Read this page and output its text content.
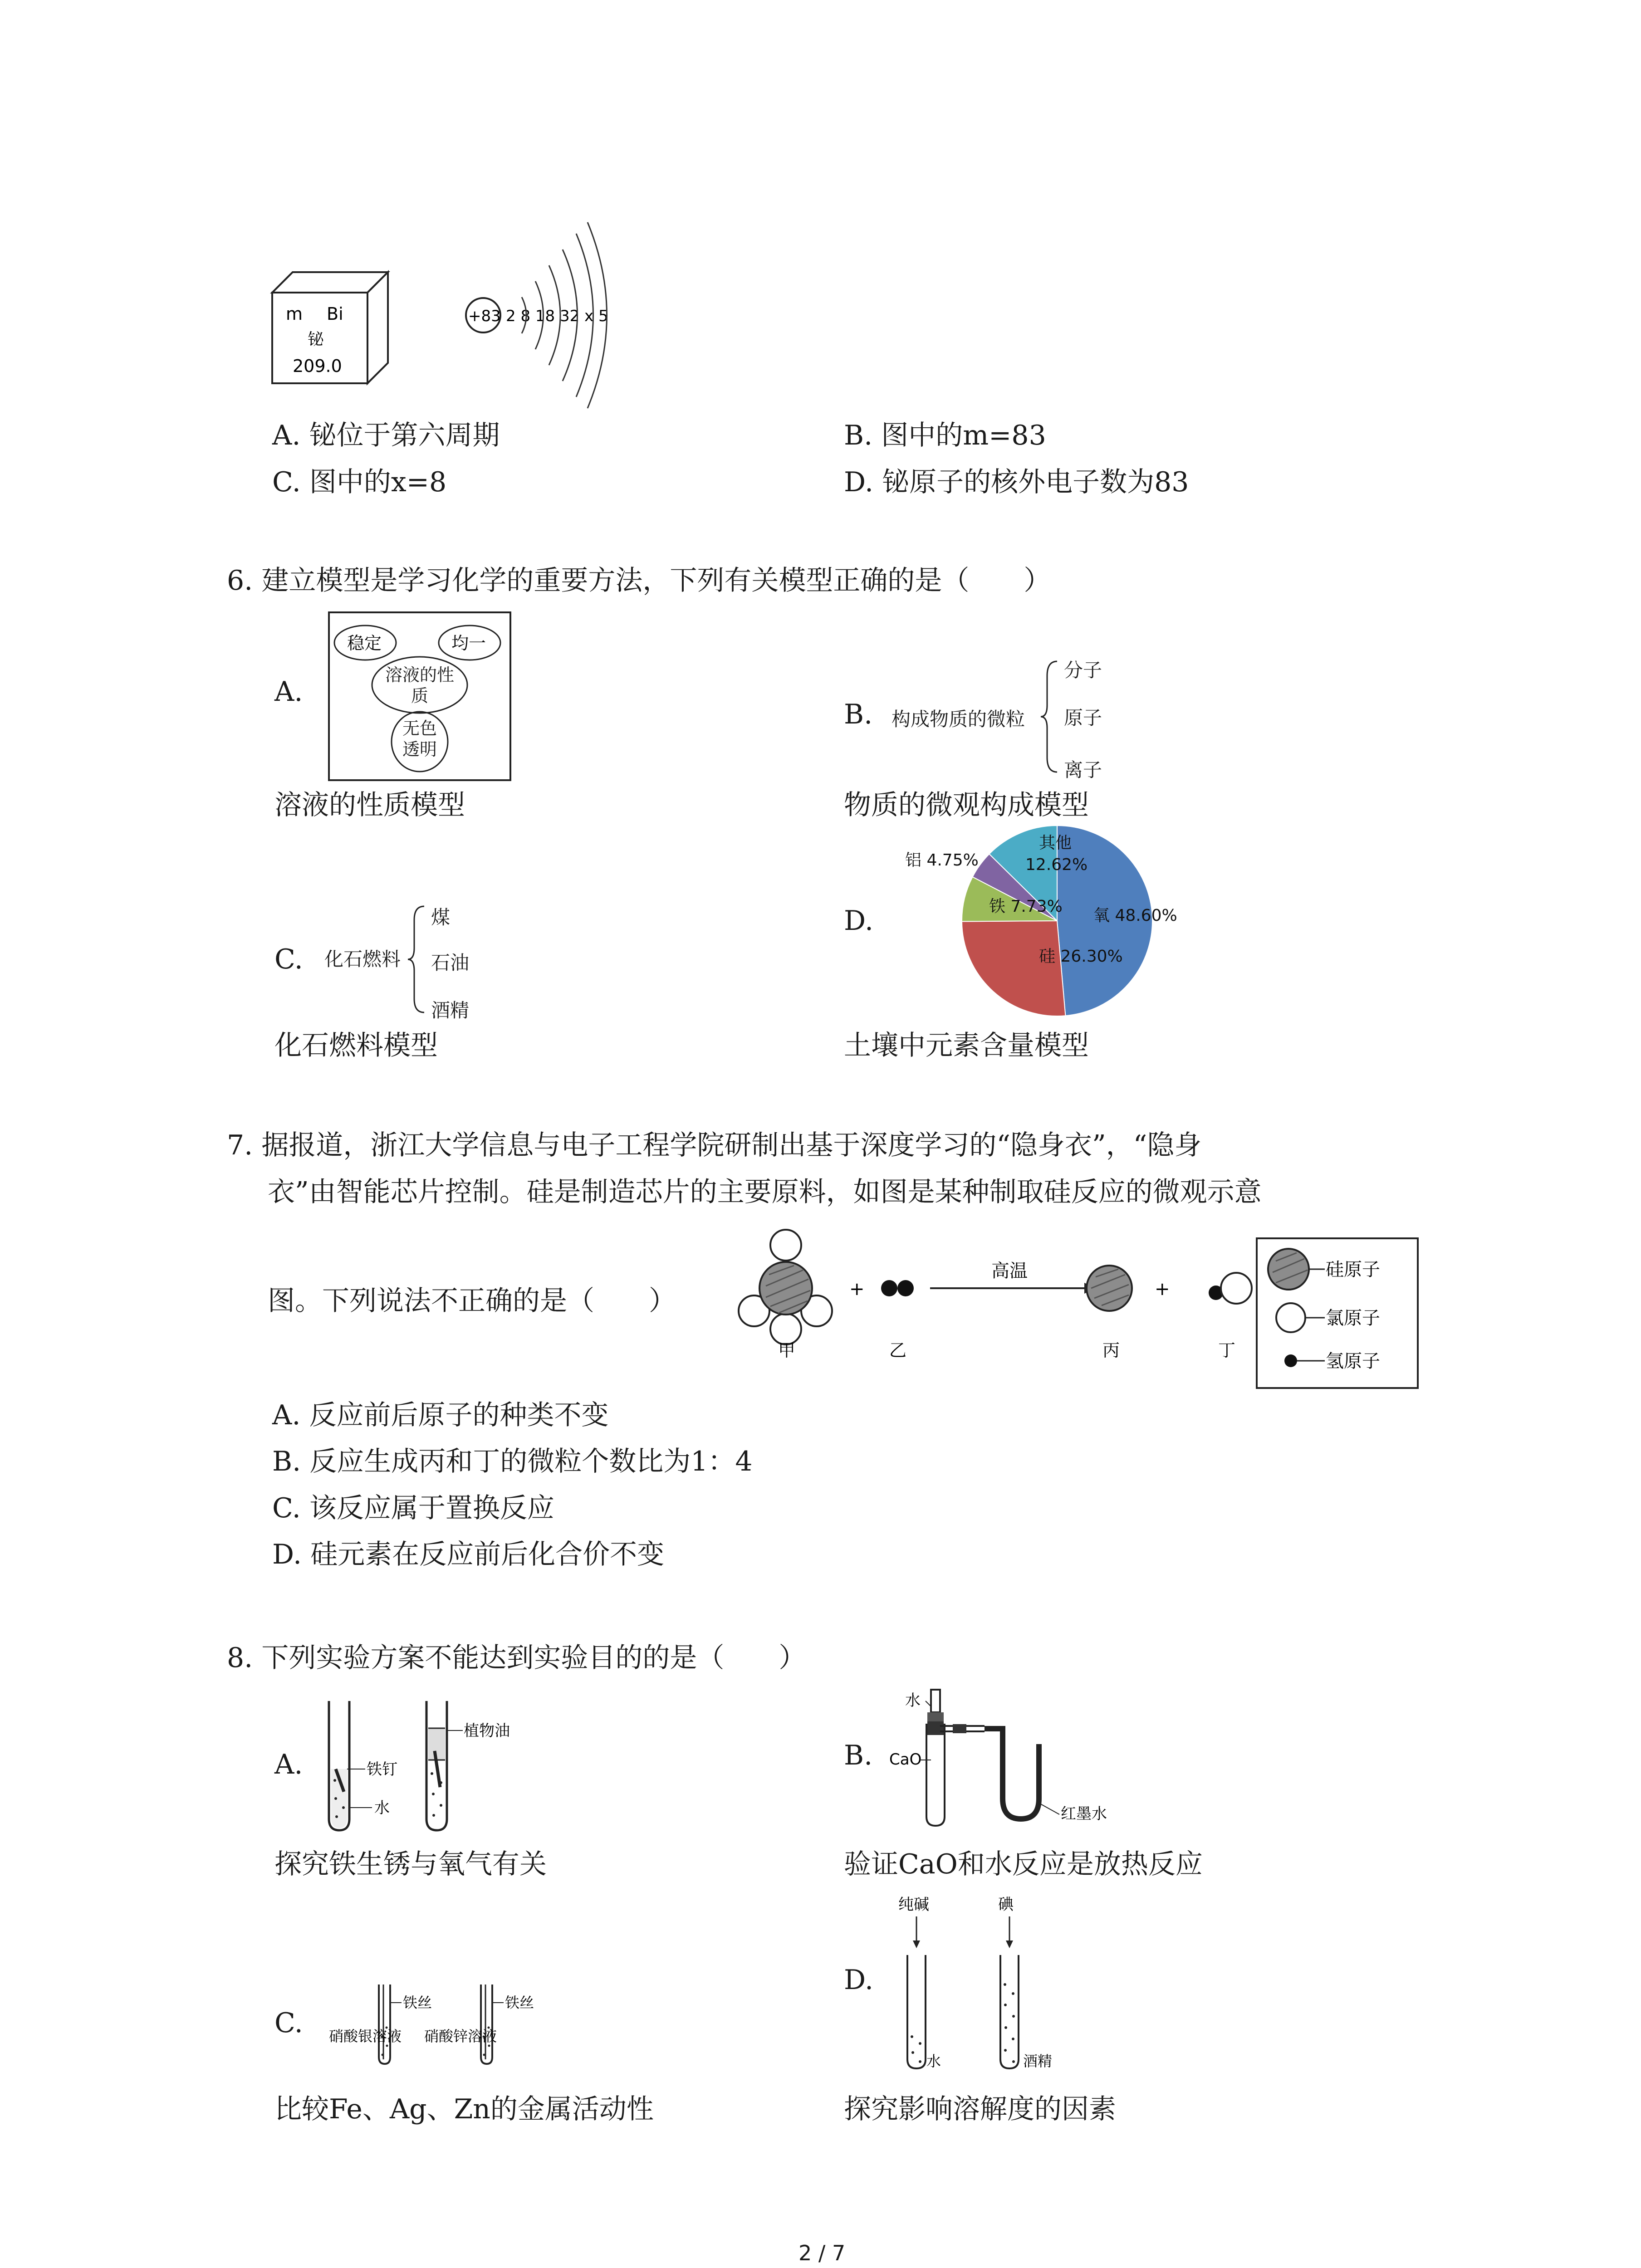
m Bi
铋
209.0
+83 2 8 18 32 x 5
A. 铋位于第六周期	B. 图中的m=83
C. 图中的x=8	D. 铋原子的核外电子数为83
6. 建立模型是学习化学的重要方法，下列有关模型正确的是（　　）
A.
稳定	均一
溶液的性质
无色透明
溶液的性质模型
B. 构成物质的微粒
分子
原子
离子
物质的微观构成模型
C. 化石燃料
煤
石油
酒精
化石燃料模型
D.	氧 48.60%
硅 26.30%
铁 7.73%
铝 4.75%
其他 12.62%
土壤中元素含量模型
7. 据报道，浙江大学信息与电子工程学院研制出基于深度学习的“隐身衣”，“隐身
衣”由智能芯片控制。硅是制造芯片的主要原料，如图是某种制取硅反应的微观示意
图。下列说法不正确的是（　　）
甲
+
乙
高温
丙
+
丁
硅原子
氯原子
氢原子
A. 反应前后原子的种类不变
B. 反应生成丙和丁的微粒个数比为1：4
C. 该反应属于置换反应
D. 硅元素在反应前后化合价不变
8. 下列实验方案不能达到实验目的的是（　　）
A.	铁钉
水
植物油
探究铁生锈与氧气有关
B.
水
CaO
红墨水
验证CaO和水反应是放热反应
C.
铁丝
硝酸银溶液
铁丝
硝酸锌溶液
比较Fe、Ag、Zn的金属活动性
D.
纯碱
水
碘
酒精
探究影响溶解度的因素
2 / 7
